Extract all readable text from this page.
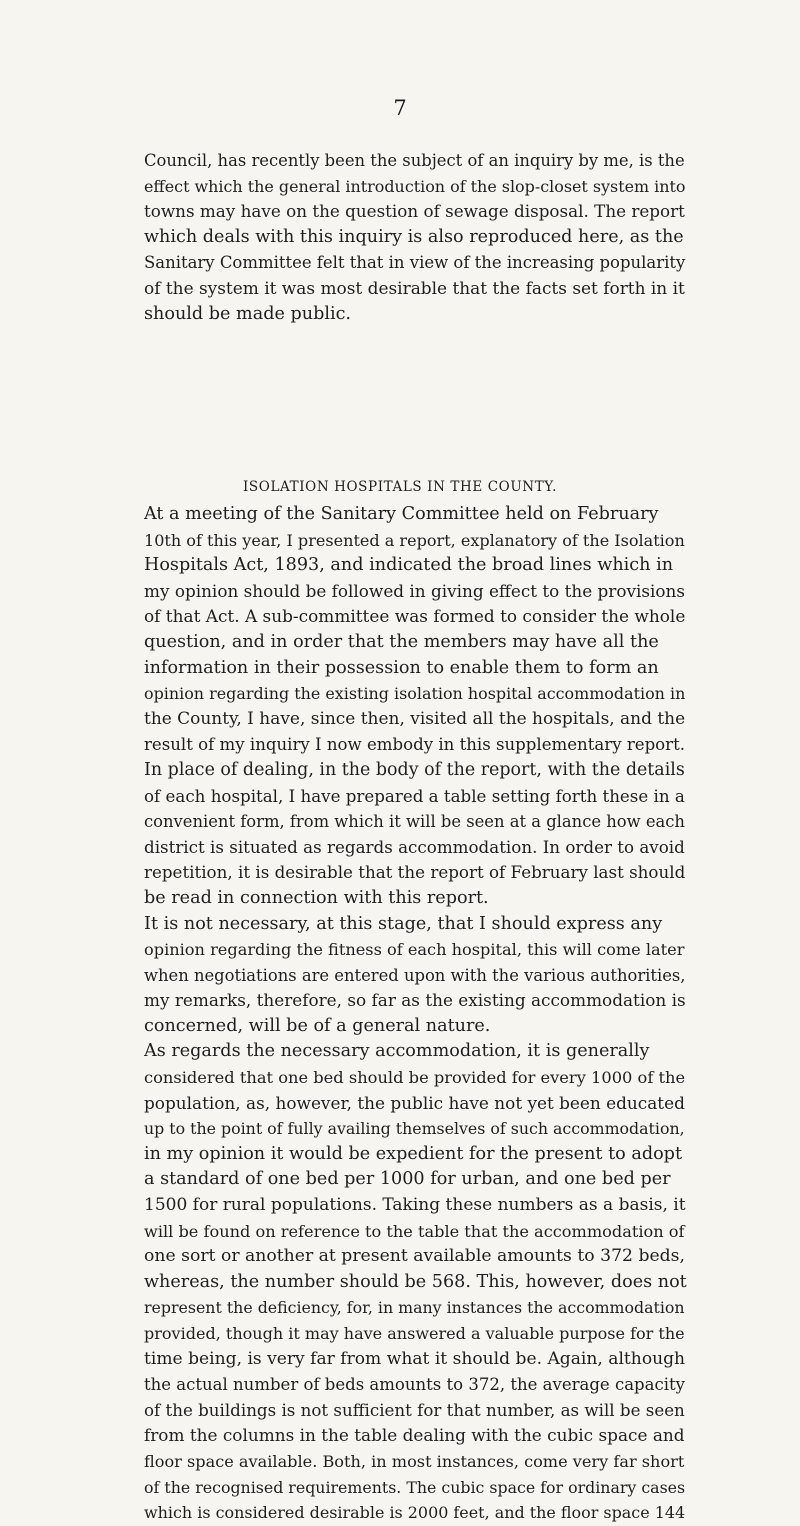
7
Council, has recently been the subject of an inquiry by me, is the
effect which the general introduction of the slop-closet system into
towns may have on the question of sewage disposal. The report
which deals with this inquiry is also reproduced here, as the
Sanitary Committee felt that in view of the increasing popularity
of the system it was most desirable that the facts set forth in it
should be made public.
ISOLATION HOSPITALS IN THE COUNTY.
At a meeting of the Sanitary Committee held on February
10th of this year, I presented a report, explanatory of the Isolation
Hospitals Act, 1893, and indicated the broad lines which in
my opinion should be followed in giving effect to the provisions
of that Act. A sub-committee was formed to consider the whole
question, and in order that the members may have all the
information in their possession to enable them to form an
opinion regarding the existing isolation hospital accommodation in
the County, I have, since then, visited all the hospitals, and the
result of my inquiry I now embody in this supplementary report.
In place of dealing, in the body of the report, with the details
of each hospital, I have prepared a table setting forth these in a
convenient form, from which it will be seen at a glance how each
district is situated as regards accommodation. In order to avoid
repetition, it is desirable that the report of February last should
be read in connection with this report.
It is not necessary, at this stage, that I should express any
opinion regarding the fitness of each hospital, this will come later
when negotiations are entered upon with the various authorities,
my remarks, therefore, so far as the existing accommodation is
concerned, will be of a general nature.
As regards the necessary accommodation, it is generally
considered that one bed should be provided for every 1000 of the
population, as, however, the public have not yet been educated
up to the point of fully availing themselves of such accommodation,
in my opinion it would be expedient for the present to adopt
a standard of one bed per 1000 for urban, and one bed per
1500 for rural populations. Taking these numbers as a basis, it
will be found on reference to the table that the accommodation of
one sort or another at present available amounts to 372 beds,
whereas, the number should be 568. This, however, does not
represent the deficiency, for, in many instances the accommodation
provided, though it may have answered a valuable purpose for the
time being, is very far from what it should be. Again, although
the actual number of beds amounts to 372, the average capacity
of the buildings is not sufficient for that number, as will be seen
from the columns in the table dealing with the cubic space and
floor space available. Both, in most instances, come very far short
of the recognised requirements. The cubic space for ordinary cases
which is considered desirable is 2000 feet, and the floor space 144
